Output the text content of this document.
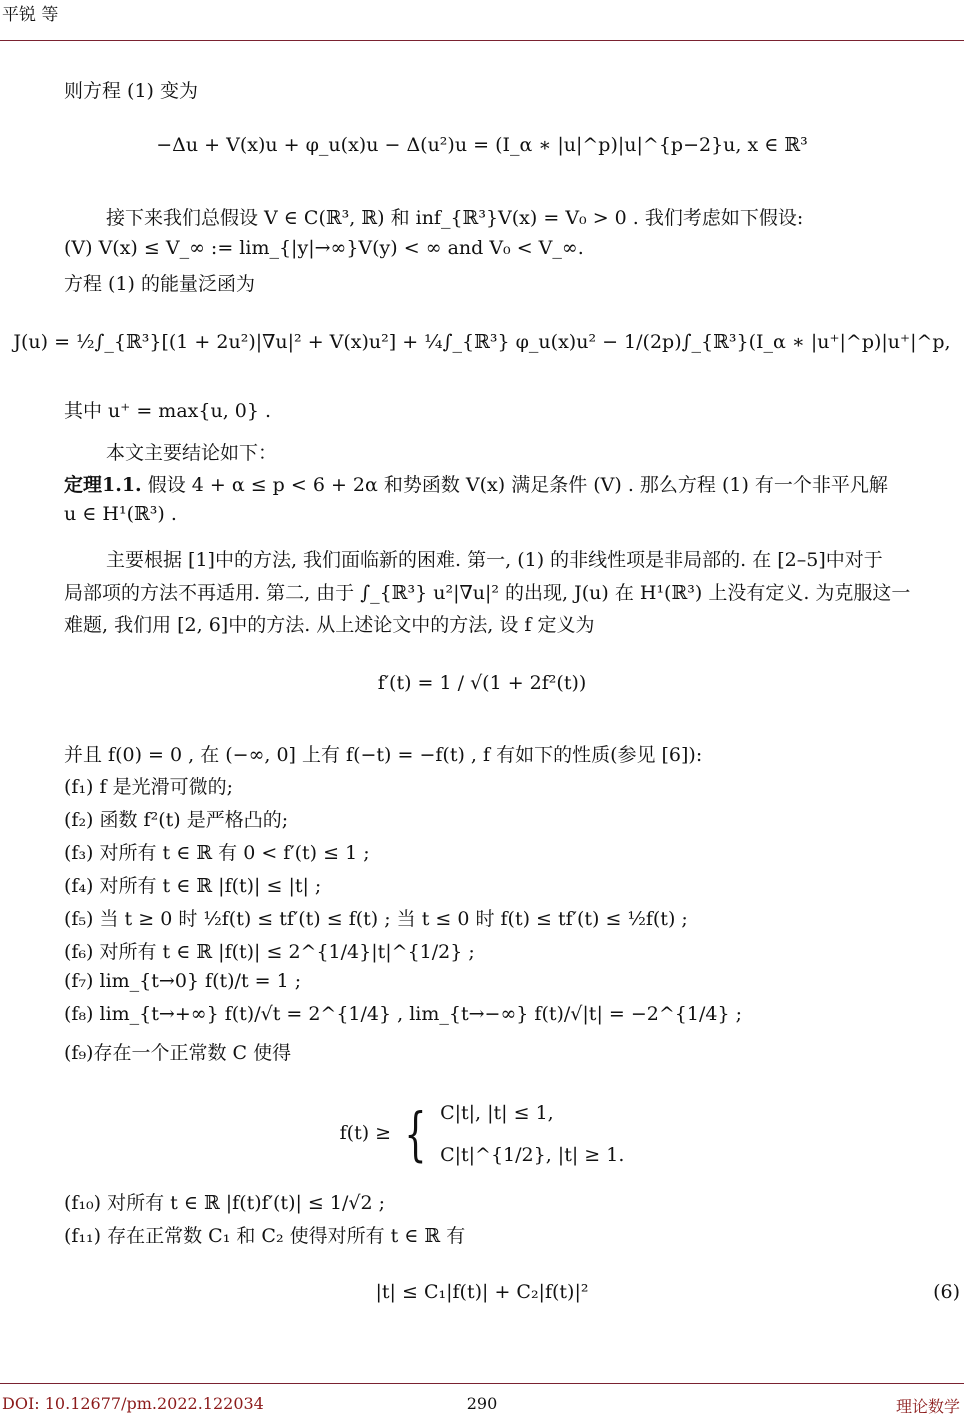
平锐 等
则方程 (1) 变为
−Δu + V(x)u + φ_u(x)u − Δ(u²)u = (I_α ∗ |u|^p)|u|^{p−2}u, x ∈ ℝ³
接下来我们总假设 V ∈ C(ℝ³, ℝ) 和 inf_{ℝ³}V(x) = V₀ > 0 . 我们考虑如下假设:
(V) V(x) ≤ V_∞ := lim_{|y|→∞}V(y) < ∞ and V₀ < V_∞.
方程 (1) 的能量泛函为
J(u) = ½∫_{ℝ³}[(1 + 2u²)|∇u|² + V(x)u²] + ¼∫_{ℝ³} φ_u(x)u² − 1/(2p)∫_{ℝ³}(I_α ∗ |u⁺|^p)|u⁺|^p,
其中 u⁺ = max{u, 0} .
本文主要结论如下：
定理1.1. 假设 4 + α ≤ p < 6 + 2α 和势函数 V(x) 满足条件 (V) . 那么方程 (1) 有一个非平凡解
u ∈ H¹(ℝ³) .
主要根据 [1]中的方法, 我们面临新的困难. 第一, (1) 的非线性项是非局部的. 在 [2–5]中对于
局部项的方法不再适用. 第二, 由于 ∫_{ℝ³} u²|∇u|² 的出现, J(u) 在 H¹(ℝ³) 上没有定义. 为克服这一
难题, 我们用 [2, 6]中的方法. 从上述论文中的方法, 设 f 定义为
f′(t) = 1 / √(1 + 2f²(t))
并且 f(0) = 0 , 在 (−∞, 0] 上有 f(−t) = −f(t) , f 有如下的性质(参见 [6]):
(f₁) f 是光滑可微的;
(f₂) 函数 f²(t) 是严格凸的;
(f₃) 对所有 t ∈ ℝ 有 0 < f′(t) ≤ 1 ;
(f₄) 对所有 t ∈ ℝ |f(t)| ≤ |t| ;
(f₅) 当 t ≥ 0 时 ½f(t) ≤ tf′(t) ≤ f(t) ; 当 t ≤ 0 时 f(t) ≤ tf′(t) ≤ ½f(t) ;
(f₆) 对所有 t ∈ ℝ |f(t)| ≤ 2^{1/4}|t|^{1/2} ;
(f₇) lim_{t→0} f(t)/t = 1 ;
(f₈) lim_{t→+∞} f(t)/√t = 2^{1/4} , lim_{t→−∞} f(t)/√|t| = −2^{1/4} ;
(f₉)存在一个正常数 C 使得
f(t) ≥ { C|t|, |t| ≤ 1,
C|t|^{1/2}, |t| ≥ 1.
(f₁₀) 对所有 t ∈ ℝ |f(t)f′(t)| ≤ 1/√2 ;
(f₁₁) 存在正常数 C₁ 和 C₂ 使得对所有 t ∈ ℝ 有
|t| ≤ C₁|f(t)| + C₂|f(t)|²	(6)
DOI: 10.12677/pm.2022.122034	290	理论数学
